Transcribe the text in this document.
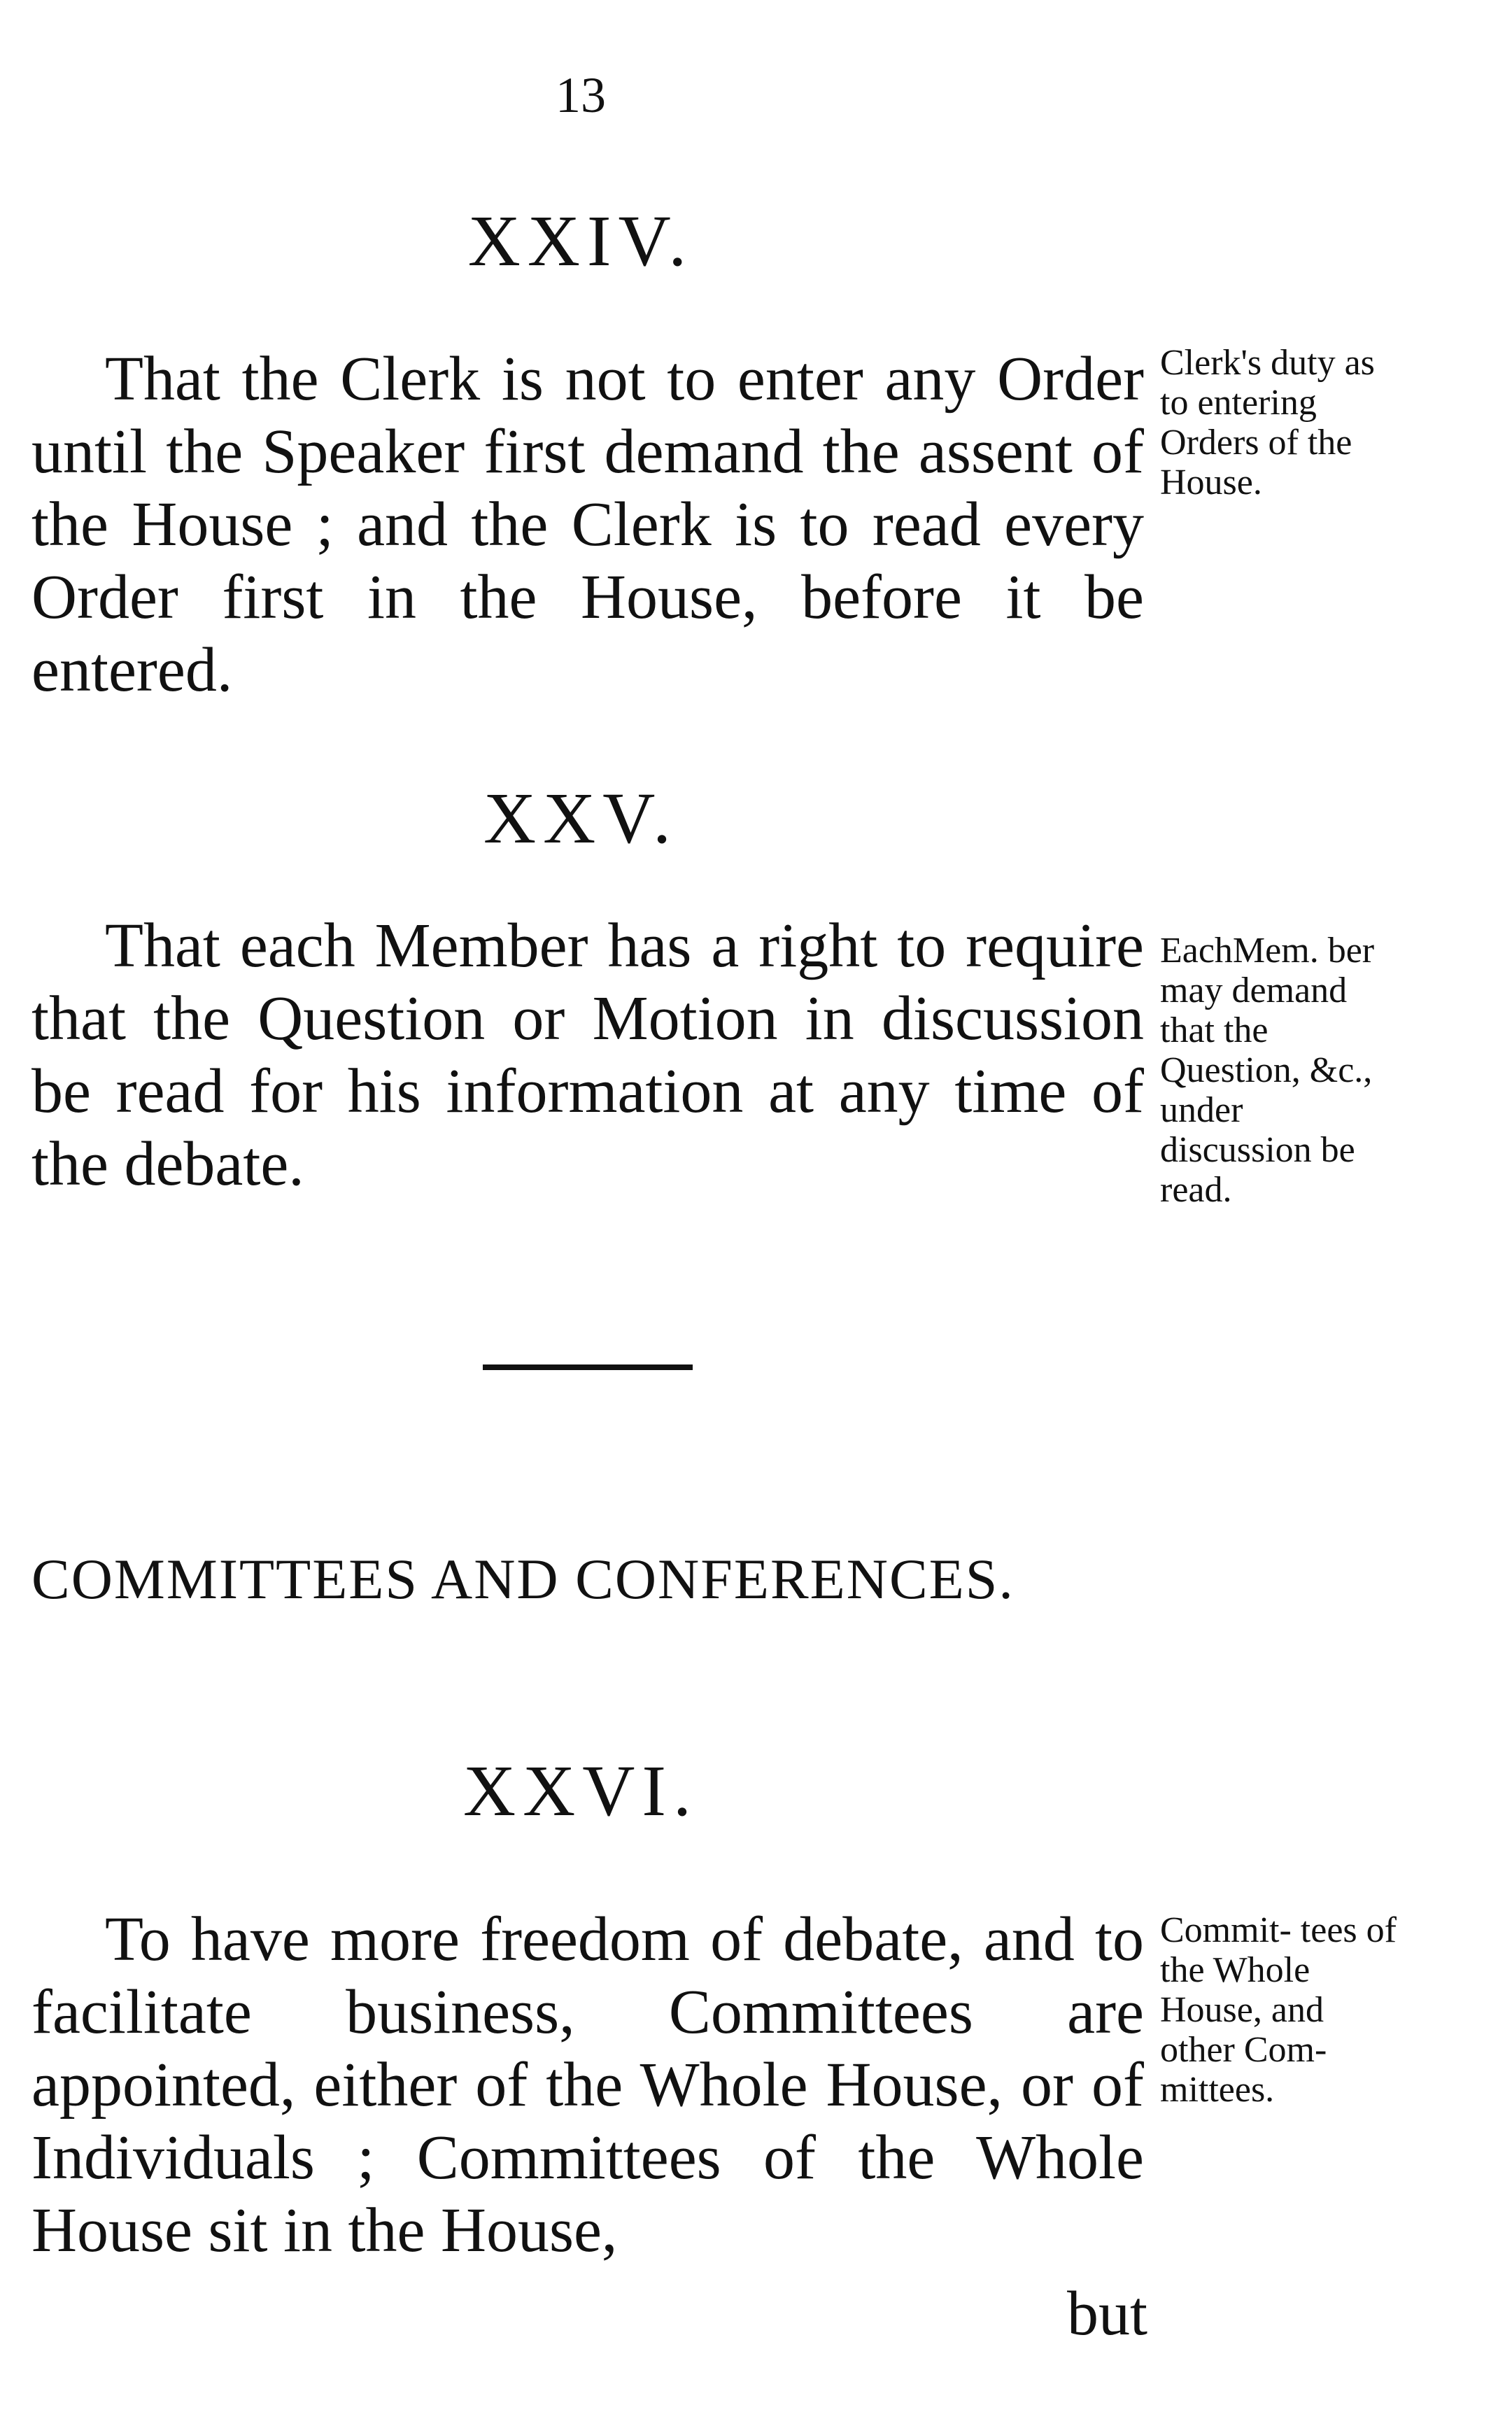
13
XXIV.

That the Clerk is not to enter any Order until the Speaker first demand the assent of the House ; and the Clerk is to read every Order first in the House, before it be entered.

Clerk's duty as to entering Orders of the House.
XXV.

That each Member has a right to require that the Question or Motion in discussion be read for his information at any time of the debate.

EachMem. ber may demand that the Question, &c., under discussion be read.
COMMITTEES AND CONFERENCES.
XXVI.

To have more freedom of debate, and to facilitate business, Committees are appointed, either of the Whole House, or of Individuals ; Committees of the Whole House sit in the House,

Commit- tees of the Whole House, and other Com- mittees.
but
